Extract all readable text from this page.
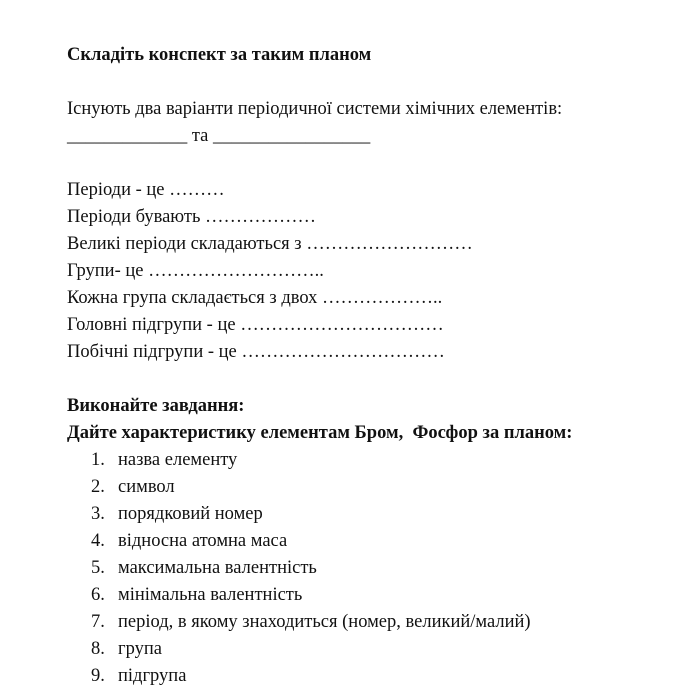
Складіть конспект за таким планом

Існують два варіанти періодичної системи хімічних елементів:

_____________ та _________________

Періоди - це ………

Періоди бувають ………………

Великі періоди складаються з ………………………

Групи- це ………………………..

Кожна група складається з двох ………………..

Головні підгрупи - це ……………………………

Побічні підгрупи - це ……………………………

Виконайте завдання:

Дайте характеристику елементам Бром,  Фосфор за планом:

1. назва елементу
2. символ
3. порядковий номер
4. відносна атомна маса
5. максимальна валентність
6. мінімальна валентність
7. період, в якому знаходиться (номер, великий/малий)
8. група
9. підгрупа
